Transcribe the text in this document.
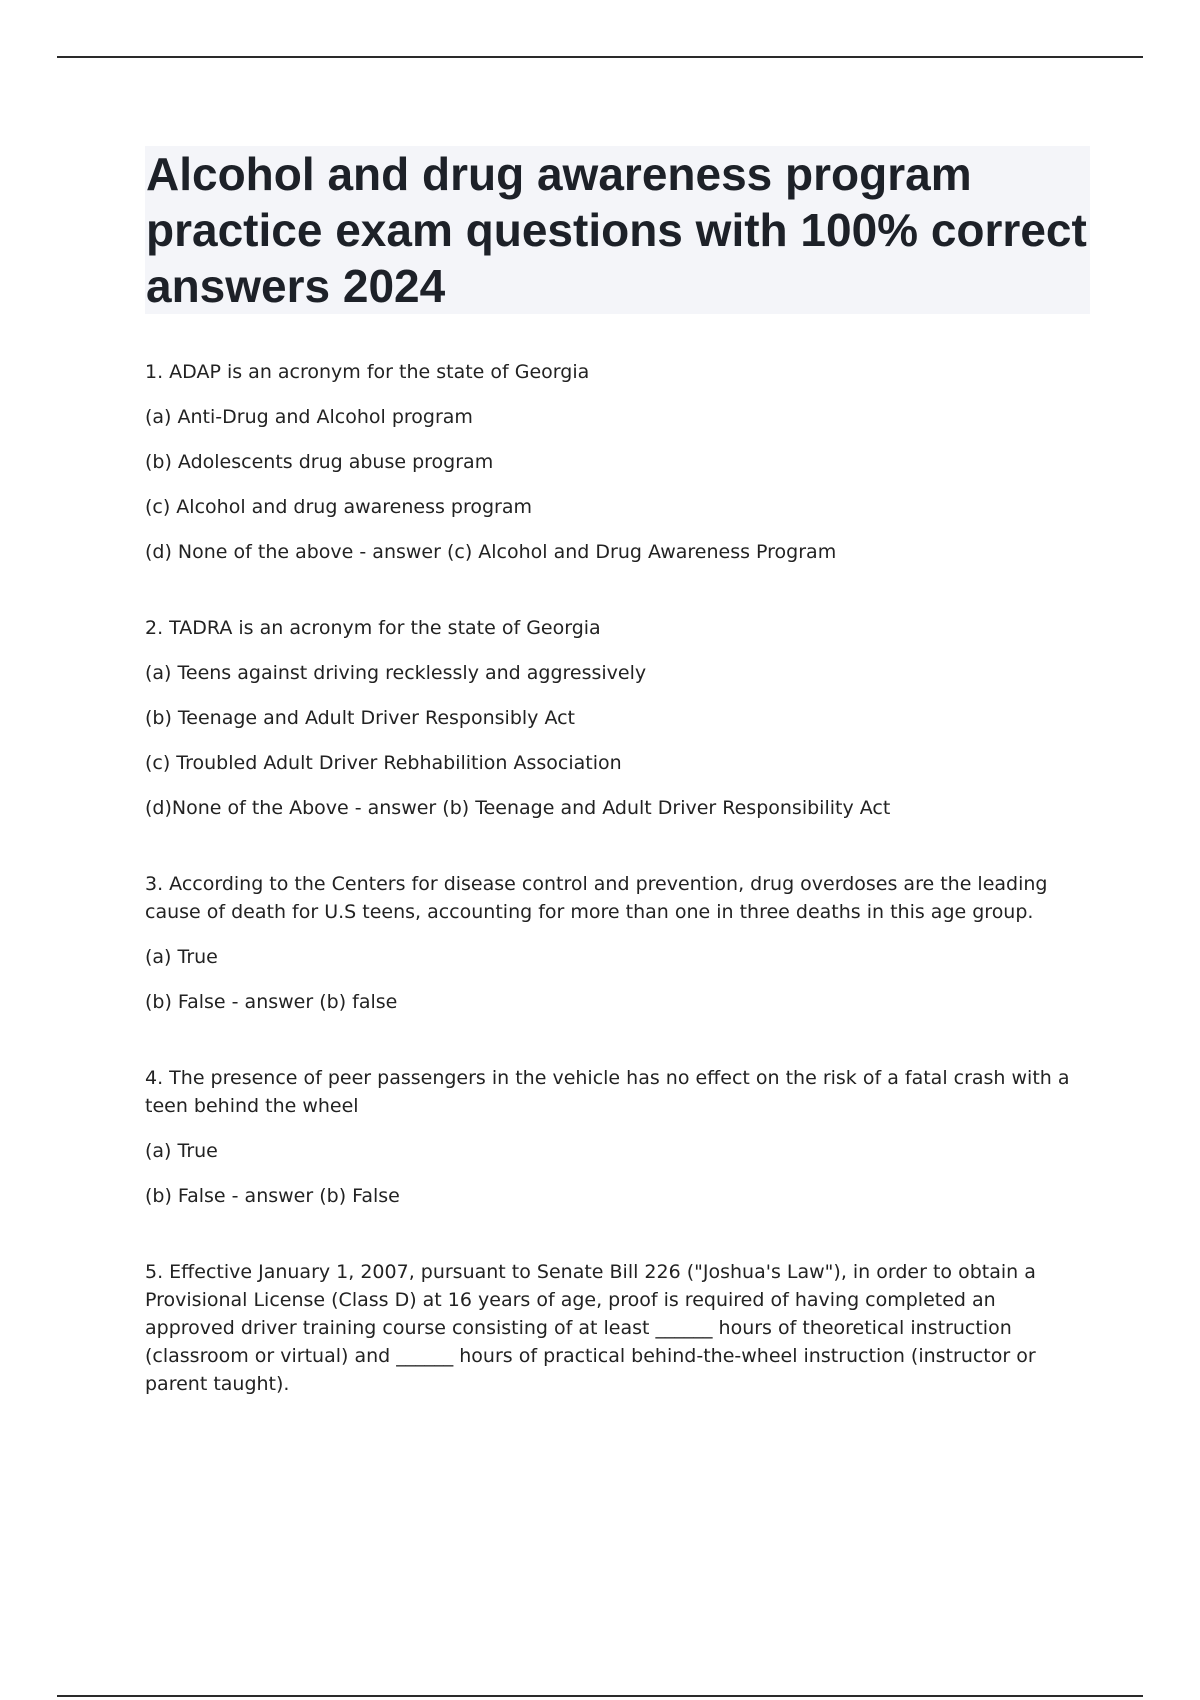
Alcohol and drug awareness program practice exam questions with 100% correct answers 2024

1. ADAP is an acronym for the state of Georgia

(a) Anti-Drug and Alcohol program

(b) Adolescents drug abuse program

(c) Alcohol and drug awareness program

(d) None of the above - answer (c) Alcohol and Drug Awareness Program

2. TADRA is an acronym for the state of Georgia

(a) Teens against driving recklessly and aggressively

(b) Teenage and Adult Driver Responsibly Act

(c) Troubled Adult Driver Rebhabilition Association

(d)None of the Above - answer (b) Teenage and Adult Driver Responsibility Act

3. According to the Centers for disease control and prevention, drug overdoses are the leading cause of death for U.S teens, accounting for more than one in three deaths in this age group.

(a) True

(b) False - answer (b) false

4. The presence of peer passengers in the vehicle has no effect on the risk of a fatal crash with a teen behind the wheel

(a) True

(b) False - answer (b) False

5. Effective January 1, 2007, pursuant to Senate Bill 226 ("Joshua's Law"), in order to obtain a Provisional License (Class D) at 16 years of age, proof is required of having completed an approved driver training course consisting of at least ______ hours of theoretical instruction (classroom or virtual) and ______ hours of practical behind-the-wheel instruction (instructor or parent taught).
